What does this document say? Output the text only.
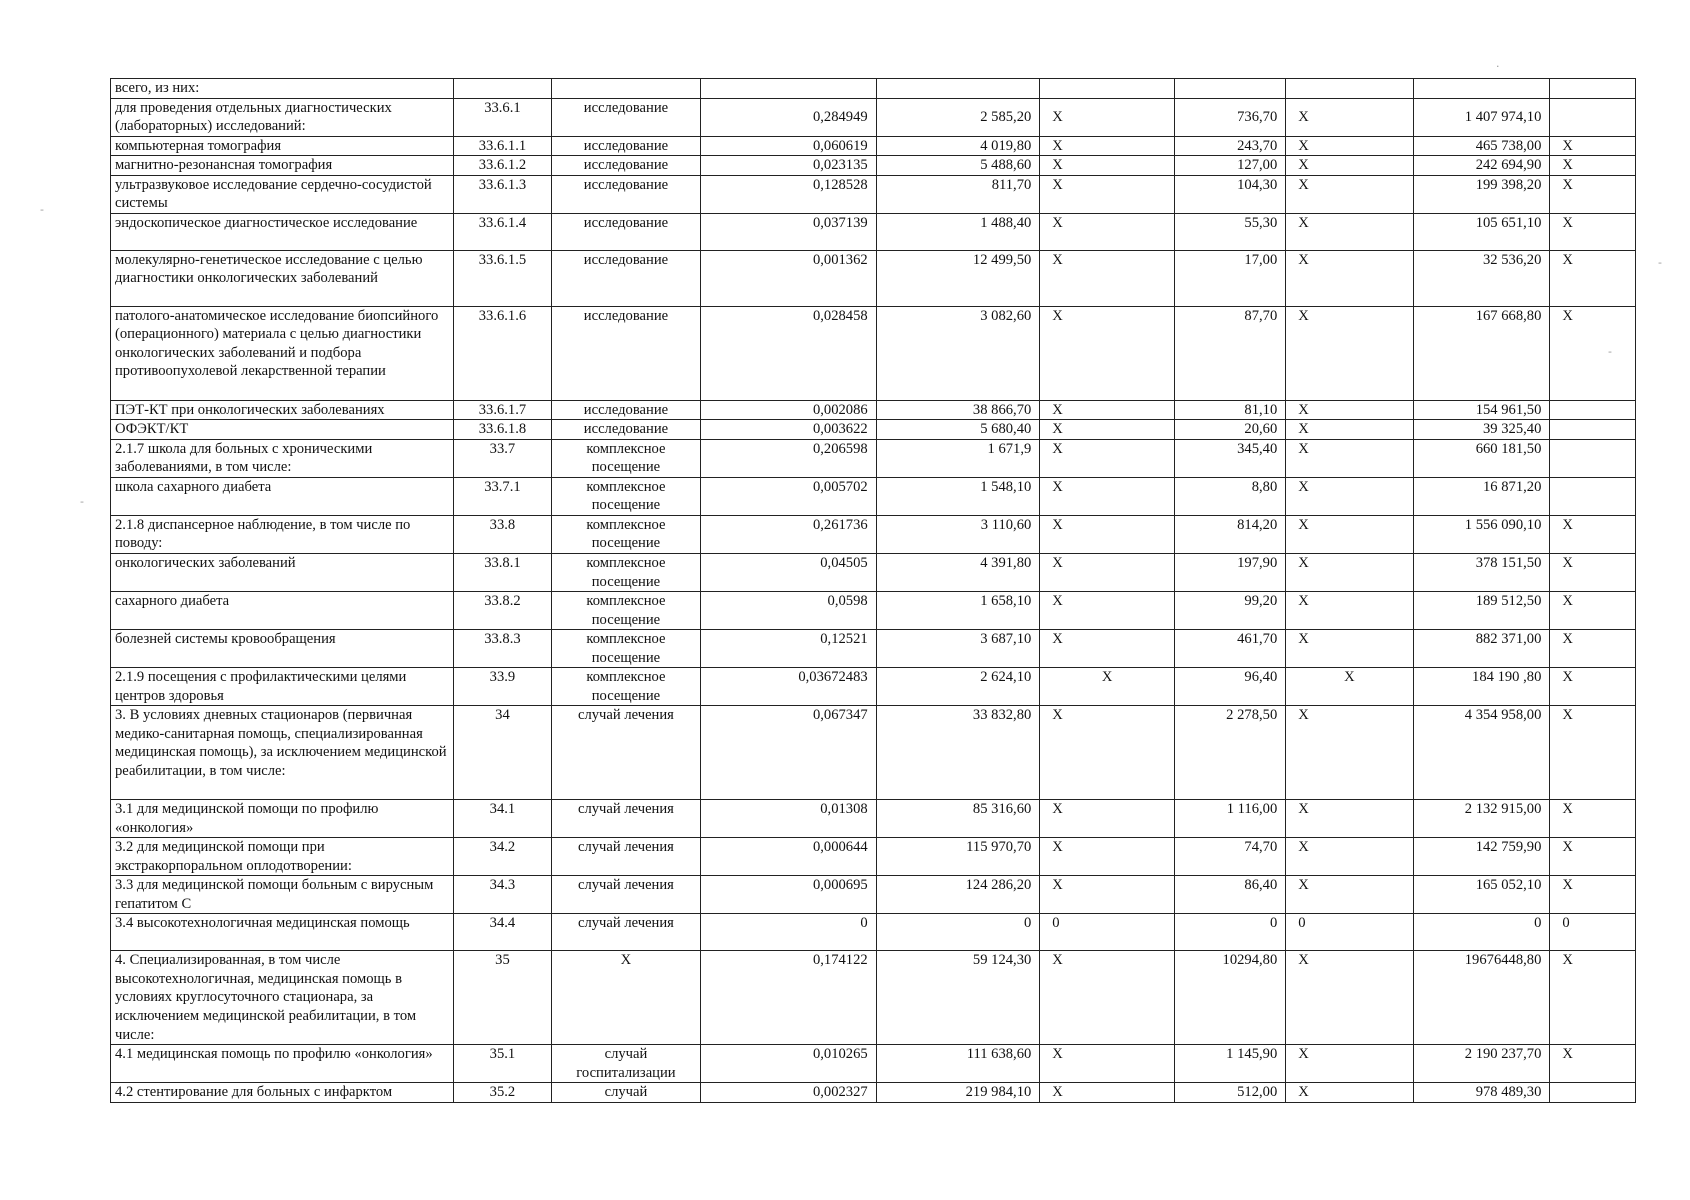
всего, из них:									
для проведения отдельных диагностических (лабораторных) исследований:	33.6.1	исследование	0,284949	2 585,20	X	736,70	X	1 407 974,10	
компьютерная томография	33.6.1.1	исследование	0,060619	4 019,80	X	243,70	X	465 738,00	X
магнитно-резонансная томография	33.6.1.2	исследование	0,023135	5 488,60	X	127,00	X	242 694,90	X
ультразвуковое исследование сердечно-сосудистой системы	33.6.1.3	исследование	0,128528	811,70	X	104,30	X	199 398,20	X
эндоскопическое диагностическое исследование	33.6.1.4	исследование	0,037139	1 488,40	X	55,30	X	105 651,10	X
молекулярно-генетическое исследование с целью диагностики онкологических заболеваний	33.6.1.5	исследование	0,001362	12 499,50	X	17,00	X	32 536,20	X
патолого-анатомическое исследование биопсийного (операционного) материала с целью диагностики онкологических заболеваний и подбора противоопухолевой лекарственной терапии	33.6.1.6	исследование	0,028458	3 082,60	X	87,70	X	167 668,80	X
ПЭТ-КТ при онкологических заболеваниях	33.6.1.7	исследование	0,002086	38 866,70	X	81,10	X	154 961,50	
ОФЭКТ/КТ	33.6.1.8	исследование	0,003622	5 680,40	X	20,60	X	39 325,40	
2.1.7 школа для больных с хроническими заболеваниями, в том числе:	33.7	комплексное посещение	0,206598	1 671,9	X	345,40	X	660 181,50	
школа сахарного диабета	33.7.1	комплексное посещение	0,005702	1 548,10	X	8,80	X	16 871,20	
2.1.8 диспансерное наблюдение, в том числе по поводу:	33.8	комплексное посещение	0,261736	3 110,60	X	814,20	X	1 556 090,10	X
онкологических заболеваний	33.8.1	комплексное посещение	0,04505	4 391,80	X	197,90	X	378 151,50	X
сахарного диабета	33.8.2	комплексное посещение	0,0598	1 658,10	X	99,20	X	189 512,50	X
болезней системы кровообращения	33.8.3	комплексное посещение	0,12521	3 687,10	X	461,70	X	882 371,00	X
2.1.9 посещения с профилактическими целями центров здоровья	33.9	комплексное посещение	0,03672483	2 624,10	X	96,40	X	184 190 ,80	X
3. В условиях дневных стационаров (первичная медико-санитарная помощь, специализированная медицинская помощь), за исключением медицинской реабилитации, в том числе:	34	случай лечения	0,067347	33 832,80	X	2 278,50	X	4 354 958,00	X
3.1 для медицинской помощи по профилю «онкология»	34.1	случай лечения	0,01308	85 316,60	X	1 116,00	X	2 132 915,00	X
3.2 для медицинской помощи при экстракорпоральном оплодотворении:	34.2	случай лечения	0,000644	115 970,70	X	74,70	X	142 759,90	X
3.3 для медицинской помощи больным с вирусным гепатитом С	34.3	случай лечения	0,000695	124 286,20	X	86,40	X	165 052,10	X
3.4 высокотехнологичная медицинская помощь	34.4	случай лечения	0	0	0	0	0	0	0
4. Специализированная, в том числе высокотехнологичная, медицинская помощь в условиях круглосуточного стационара, за исключением медицинской реабилитации, в том числе:	35	X	0,174122	59 124,30	X	10294,80	X	19676448,80	X
4.1 медицинская помощь по профилю «онкология»	35.1	случай госпитализации	0,010265	111 638,60	X	1 145,90	X	2 190 237,70	X
4.2 стентирование для больных с инфарктом	35.2	случай	0,002327	219 984,10	X	512,00	X	978 489,30	
·
-
-
-
-
